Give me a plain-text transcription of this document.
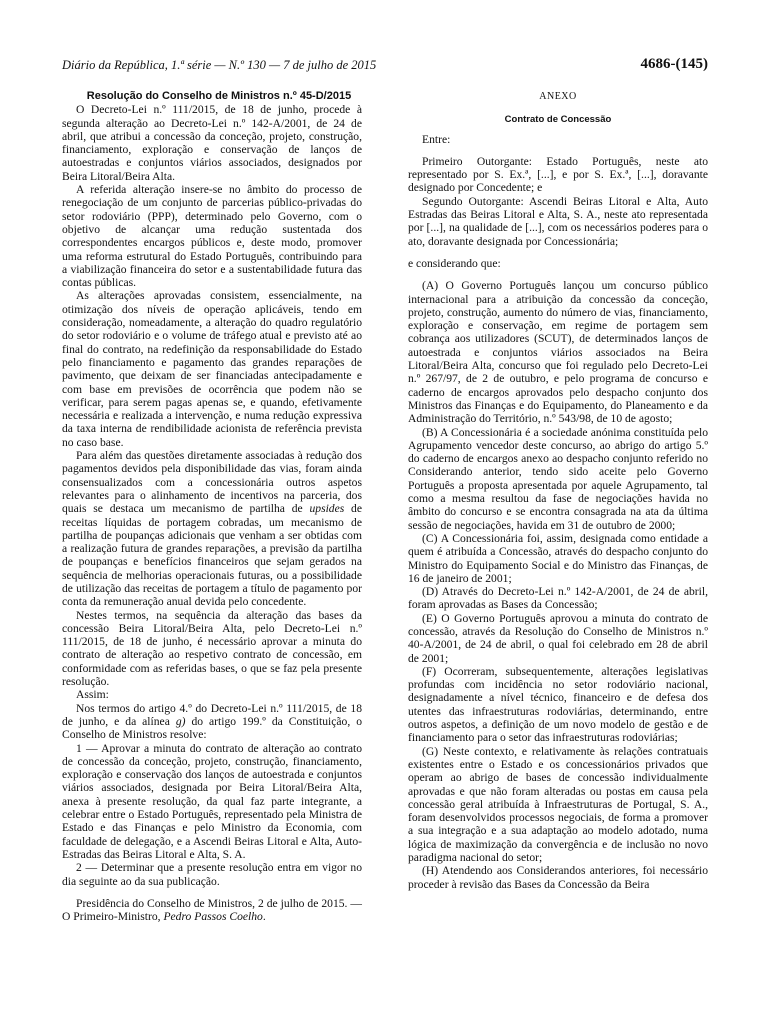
Diário da República, 1.ª série — N.º 130 — 7 de julho de 2015	4686-(145)

Resolução do Conselho de Ministros n.º 45-D/2015

O Decreto-Lei n.º 111/2015, de 18 de junho, procede à segunda alteração ao Decreto-Lei n.º 142-A/2001, de 24 de abril, que atribui a concessão da conceção, projeto, construção, financiamento, exploração e conservação de lanços de autoestradas e conjuntos viários associados, designados por Beira Litoral/Beira Alta.

A referida alteração insere-se no âmbito do processo de renegociação de um conjunto de parcerias público-privadas do setor rodoviário (PPP), determinado pelo Governo, com o objetivo de alcançar uma redução sustentada dos correspondentes encargos públicos e, deste modo, promover uma reforma estrutural do Estado Português, contribuindo para a viabilização financeira do setor e a sustentabilidade futura das contas públicas.

As alterações aprovadas consistem, essencialmente, na otimização dos níveis de operação aplicáveis, tendo em consideração, nomeadamente, a alteração do quadro regulatório do setor rodoviário e o volume de tráfego atual e previsto até ao final do contrato, na redefinição da responsabilidade do Estado pelo financiamento e pagamento das grandes reparações de pavimento, que deixam de ser financiadas antecipadamente e com base em previsões de ocorrência que podem não se verificar, para serem pagas apenas se, e quando, efetivamente necessária e realizada a intervenção, e numa redução expressiva da taxa interna de rendibilidade acionista de referência prevista no caso base.

Para além das questões diretamente associadas à redução dos pagamentos devidos pela disponibilidade das vias, foram ainda consensualizados com a concessionária outros aspetos relevantes para o alinhamento de incentivos na parceria, dos quais se destaca um mecanismo de partilha de upsides de receitas líquidas de portagem cobradas, um mecanismo de partilha de poupanças adicionais que venham a ser obtidas com a realização futura de grandes reparações, a previsão da partilha de poupanças e benefícios financeiros que sejam gerados na sequência de melhorias operacionais futuras, ou a possibilidade de utilização das receitas de portagem a título de pagamento por conta da remuneração anual devida pelo concedente.

Nestes termos, na sequência da alteração das bases da concessão Beira Litoral/Beira Alta, pelo Decreto-Lei n.º 111/2015, de 18 de junho, é necessário aprovar a minuta do contrato de alteração ao respetivo contrato de concessão, em conformidade com as referidas bases, o que se faz pela presente resolução.

Assim:

Nos termos do artigo 4.º do Decreto-Lei n.º 111/2015, de 18 de junho, e da alínea g) do artigo 199.º da Constituição, o Conselho de Ministros resolve:

1 — Aprovar a minuta do contrato de alteração ao contrato de concessão da conceção, projeto, construção, financiamento, exploração e conservação dos lanços de autoestrada e conjuntos viários associados, designada por Beira Litoral/Beira Alta, anexa à presente resolução, da qual faz parte integrante, a celebrar entre o Estado Português, representado pela Ministra de Estado e das Finanças e pelo Ministro da Economia, com faculdade de delegação, e a Ascendi Beiras Litoral e Alta, Auto-Estradas das Beiras Litoral e Alta, S. A.

2 — Determinar que a presente resolução entra em vigor no dia seguinte ao da sua publicação.

Presidência do Conselho de Ministros, 2 de julho de 2015. — O Primeiro-Ministro, Pedro Passos Coelho.

ANEXO
Contrato de Concessão

Entre:

Primeiro Outorgante: Estado Português, neste ato representado por S. Ex.ª, [...], e por S. Ex.ª, [...], doravante designado por Concedente; e

Segundo Outorgante: Ascendi Beiras Litoral e Alta, Auto Estradas das Beiras Litoral e Alta, S. A., neste ato representada por [...], na qualidade de [...], com os necessários poderes para o ato, doravante designada por Concessionária;

e considerando que:

(A) O Governo Português lançou um concurso público internacional para a atribuição da concessão da conceção, projeto, construção, aumento do número de vias, financiamento, exploração e conservação, em regime de portagem sem cobrança aos utilizadores (SCUT), de determinados lanços de autoestrada e conjuntos viários associados na Beira Litoral/Beira Alta, concurso que foi regulado pelo Decreto-Lei n.º 267/97, de 2 de outubro, e pelo programa de concurso e caderno de encargos aprovados pelo despacho conjunto dos Ministros das Finanças e do Equipamento, do Planeamento e da Administração do Território, n.º 543/98, de 10 de agosto;

(B) A Concessionária é a sociedade anónima constituída pelo Agrupamento vencedor deste concurso, ao abrigo do artigo 5.º do caderno de encargos anexo ao despacho conjunto referido no Considerando anterior, tendo sido aceite pelo Governo Português a proposta apresentada por aquele Agrupamento, tal como a mesma resultou da fase de negociações havida no âmbito do concurso e se encontra consagrada na ata da última sessão de negociações, havida em 31 de outubro de 2000;

(C) A Concessionária foi, assim, designada como entidade a quem é atribuída a Concessão, através do despacho conjunto do Ministro do Equipamento Social e do Ministro das Finanças, de 16 de janeiro de 2001;

(D) Através do Decreto-Lei n.º 142-A/2001, de 24 de abril, foram aprovadas as Bases da Concessão;

(E) O Governo Português aprovou a minuta do contrato de concessão, através da Resolução do Conselho de Ministros n.º 40-A/2001, de 24 de abril, o qual foi celebrado em 28 de abril de 2001;

(F) Ocorreram, subsequentemente, alterações legislativas profundas com incidência no setor rodoviário nacional, designadamente a nível técnico, financeiro e de defesa dos utentes das infraestruturas rodoviárias, determinando, entre outros aspetos, a definição de um novo modelo de gestão e de financiamento para o setor das infraestruturas rodoviárias;

(G) Neste contexto, e relativamente às relações contratuais existentes entre o Estado e os concessionários privados que operam ao abrigo de bases de concessão individualmente aprovadas e que não foram alteradas ou postas em causa pela concessão geral atribuída à Infraestruturas de Portugal, S. A., foram desenvolvidos processos negociais, de forma a promover a sua integração e a sua adaptação ao modelo adotado, numa lógica de maximização da convergência e de inclusão no novo paradigma nacional do setor;

(H) Atendendo aos Considerandos anteriores, foi necessário proceder à revisão das Bases da Concessão da Beira
